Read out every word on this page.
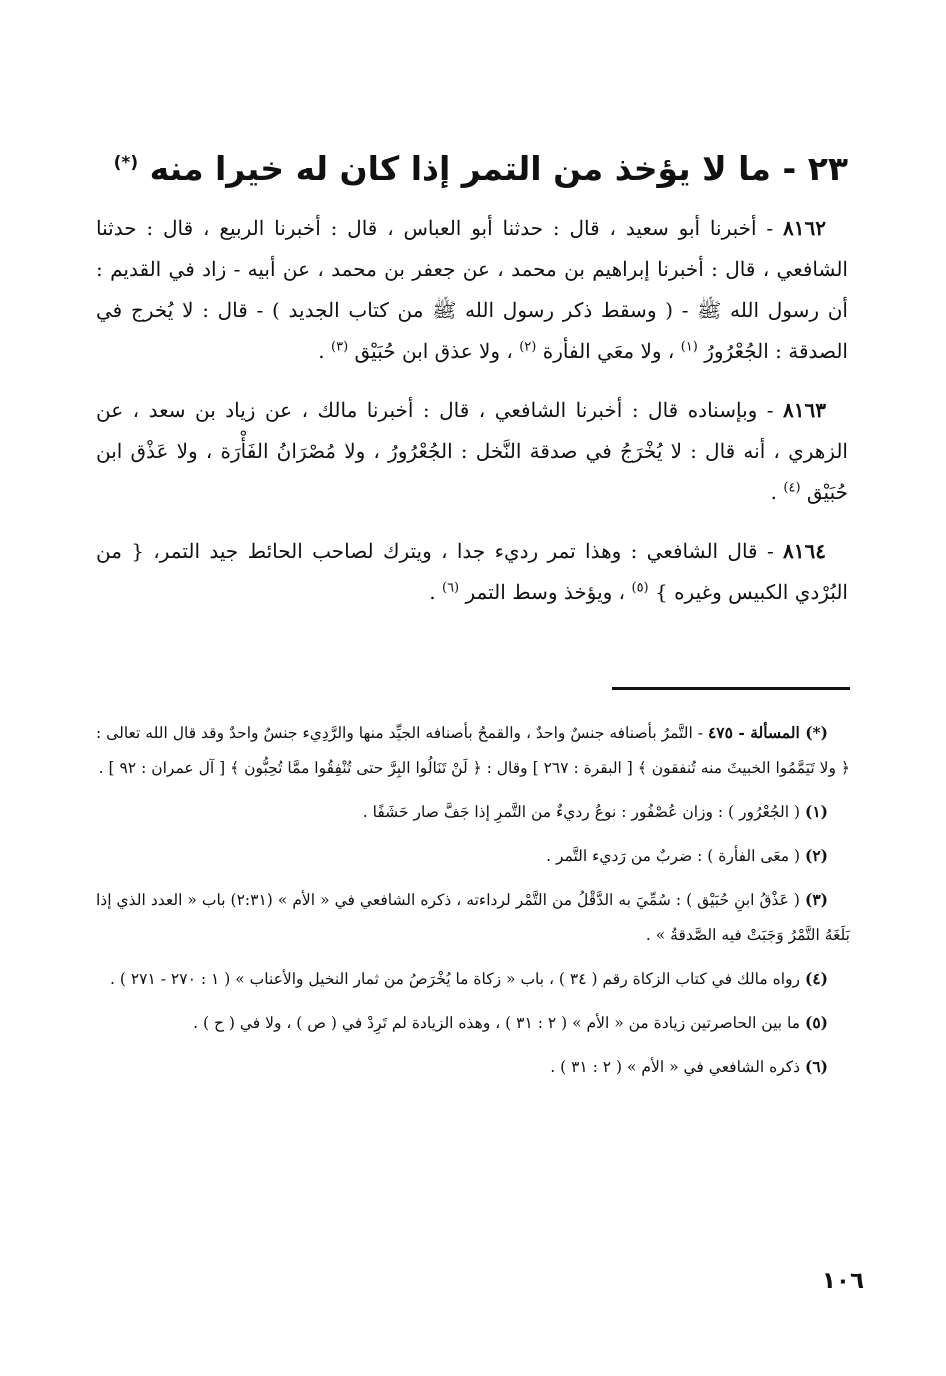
٢٣ - ما لا يؤخذ من التمر إذا كان له خيرا منه (*)

٨١٦٢ - أخبرنا أبو سعيد ، قال : حدثنا أبو العباس ، قال : أخبرنا الربيع ، قال : حدثنا الشافعي ، قال : أخبرنا إبراهيم بن محمد ، عن جعفر بن محمد ، عن أبيه - زاد في القديم : أن رسول الله ﷺ - ( وسقط ذكر رسول الله ﷺ من كتاب الجديد ) - قال : لا يُخرج في الصدقة : الجُعْرُورُ $^{(١)}$ ، ولا معَي الفأرة $^{(٢)}$ ، ولا عذق ابن حُبَيْق $^{(٣)}$ .

٨١٦٣ - وبإسناده قال : أخبرنا الشافعي ، قال : أخبرنا مالك ، عن زياد بن سعد ، عن الزهري ، أنه قال : لا يُخْرَجُ في صدقة النَّخل : الجُعْرُورُ ، ولا مُصْرَانُ الفَأْرَة ، ولا عَذْق ابن حُبَيْق $^{(٤)}$ .

٨١٦٤ - قال الشافعي : وهذا تمر رديء جدا ، ويترك لصاحب الحائط جيد التمر، { من البُرْدي الكبيس وغيره } $^{(٥)}$ ، ويؤخذ وسط التمر $^{(٦)}$ .

(*) المسألة - ٤٧٥ - التَّمرُ بأصنافه جنسٌ واحدٌ ، والقمحُ بأصنافه الجيِّد منها والرَّدِيء جنسٌ واحدٌ وقد قال الله تعالى : ﴿ ولا تَيَمَّمُوا الخبيثَ منه تُنفقون ﴾ [ البقرة : ٢٦٧ ] وقال : ﴿ لَنْ تَنَالُوا البِرَّ حتى تُنْفِقُوا ممَّا تُحِبُّون ﴾ [ آل عمران : ٩٢ ] .

(١) ( الجُعْرُور ) : وزان عُصْفُور : نوعُ رديءٌ من التَّمرِ إذا جَفَّ صار حَشَفًا .

(٢) ( معَى الفأرة ) : ضربٌ من رَديء التَّمر .

(٣) ( عَذْقُ ابنِ حُبَيْق ) : سُمِّيَ به الدَّقْلُ من التَّمْر لرداءته ، ذكره الشافعي في « الأم » (٢:٣١) باب « العدد الذي إذا بَلَغَهُ التَّمْرُ وَجَبَتْ فيه الصَّدقةُ » .

(٤) رواه مالك في كتاب الزكاة رقم ( ٣٤ ) ، باب « زكاة ما يُخْرَصُ من ثمار النخيل والأعناب » ( ١ : ٢٧٠ - ٢٧١ ) .

(٥) ما بين الحاصرتين زيادة من « الأم » ( ٢ : ٣١ ) ، وهذه الزيادة لم تَرِدْ في ( ص ) ، ولا في ( ح ) .

(٦) ذكره الشافعي في « الأم » ( ٢ : ٣١ ) .

١٠٦
